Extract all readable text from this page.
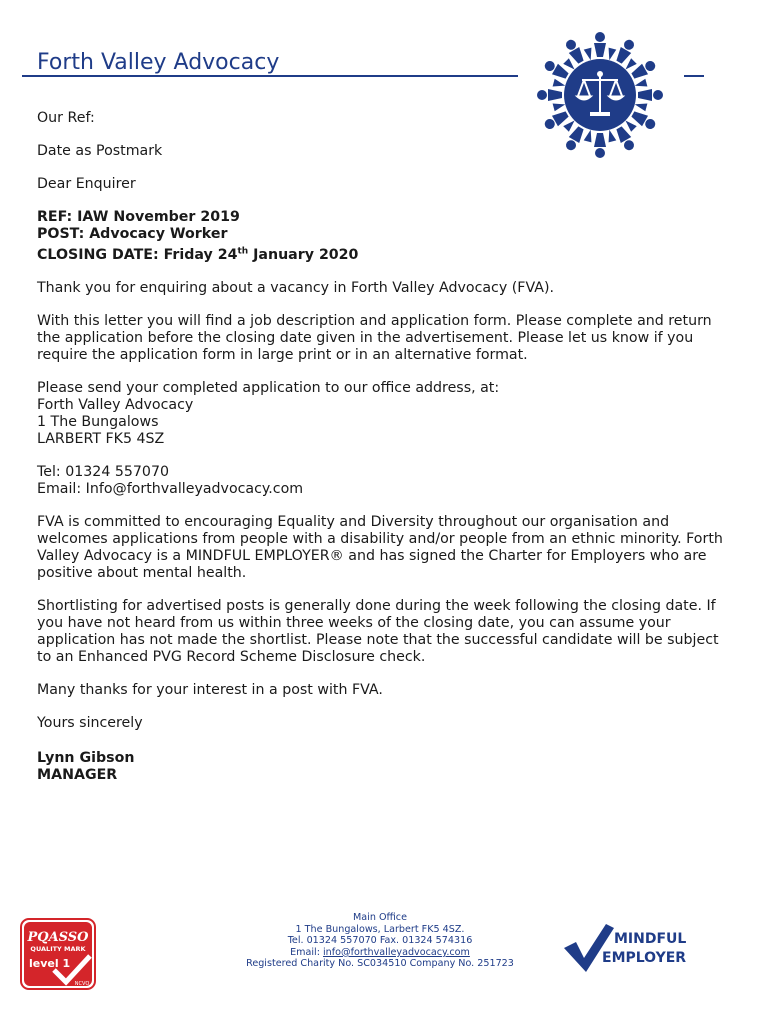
Forth Valley Advocacy

Our Ref:

Date as Postmark

Dear Enquirer

REF: IAW November 2019
POST: Advocacy Worker
CLOSING DATE: Friday 24th January 2020

Thank you for enquiring about a vacancy in Forth Valley Advocacy (FVA).

With this letter you will find a job description and application form. Please complete and return the application before the closing date given in the advertisement. Please let us know if you require the application form in large print or in an alternative format.

Please send your completed application to our office address, at:
Forth Valley Advocacy
1 The Bungalows
LARBERT FK5 4SZ

Tel: 01324 557070
Email: Info@forthvalleyadvocacy.com

FVA is committed to encouraging Equality and Diversity throughout our organisation and welcomes applications from people with a disability and/or people from an ethnic minority. Forth Valley Advocacy is a MINDFUL EMPLOYER® and has signed the Charter for Employers who are positive about mental health.

Shortlisting for advertised posts is generally done during the week following the closing date. If you have not heard from us within three weeks of the closing date, you can assume your application has not made the shortlist. Please note that the successful candidate will be subject to an Enhanced PVG Record Scheme Disclosure check.

Many thanks for your interest in a post with FVA.

Yours sincerely

Lynn Gibson
MANAGER

PQASSO
QUALITY MARK
level 1
NCVO
Main Office
1 The Bungalows, Larbert FK5 4SZ.
Tel. 01324 557070 Fax. 01324 574316
Email: info@forthvalleyadvocacy.com
Registered Charity No. SC034510 Company No. 251723
MINDFUL
EMPLOYER
